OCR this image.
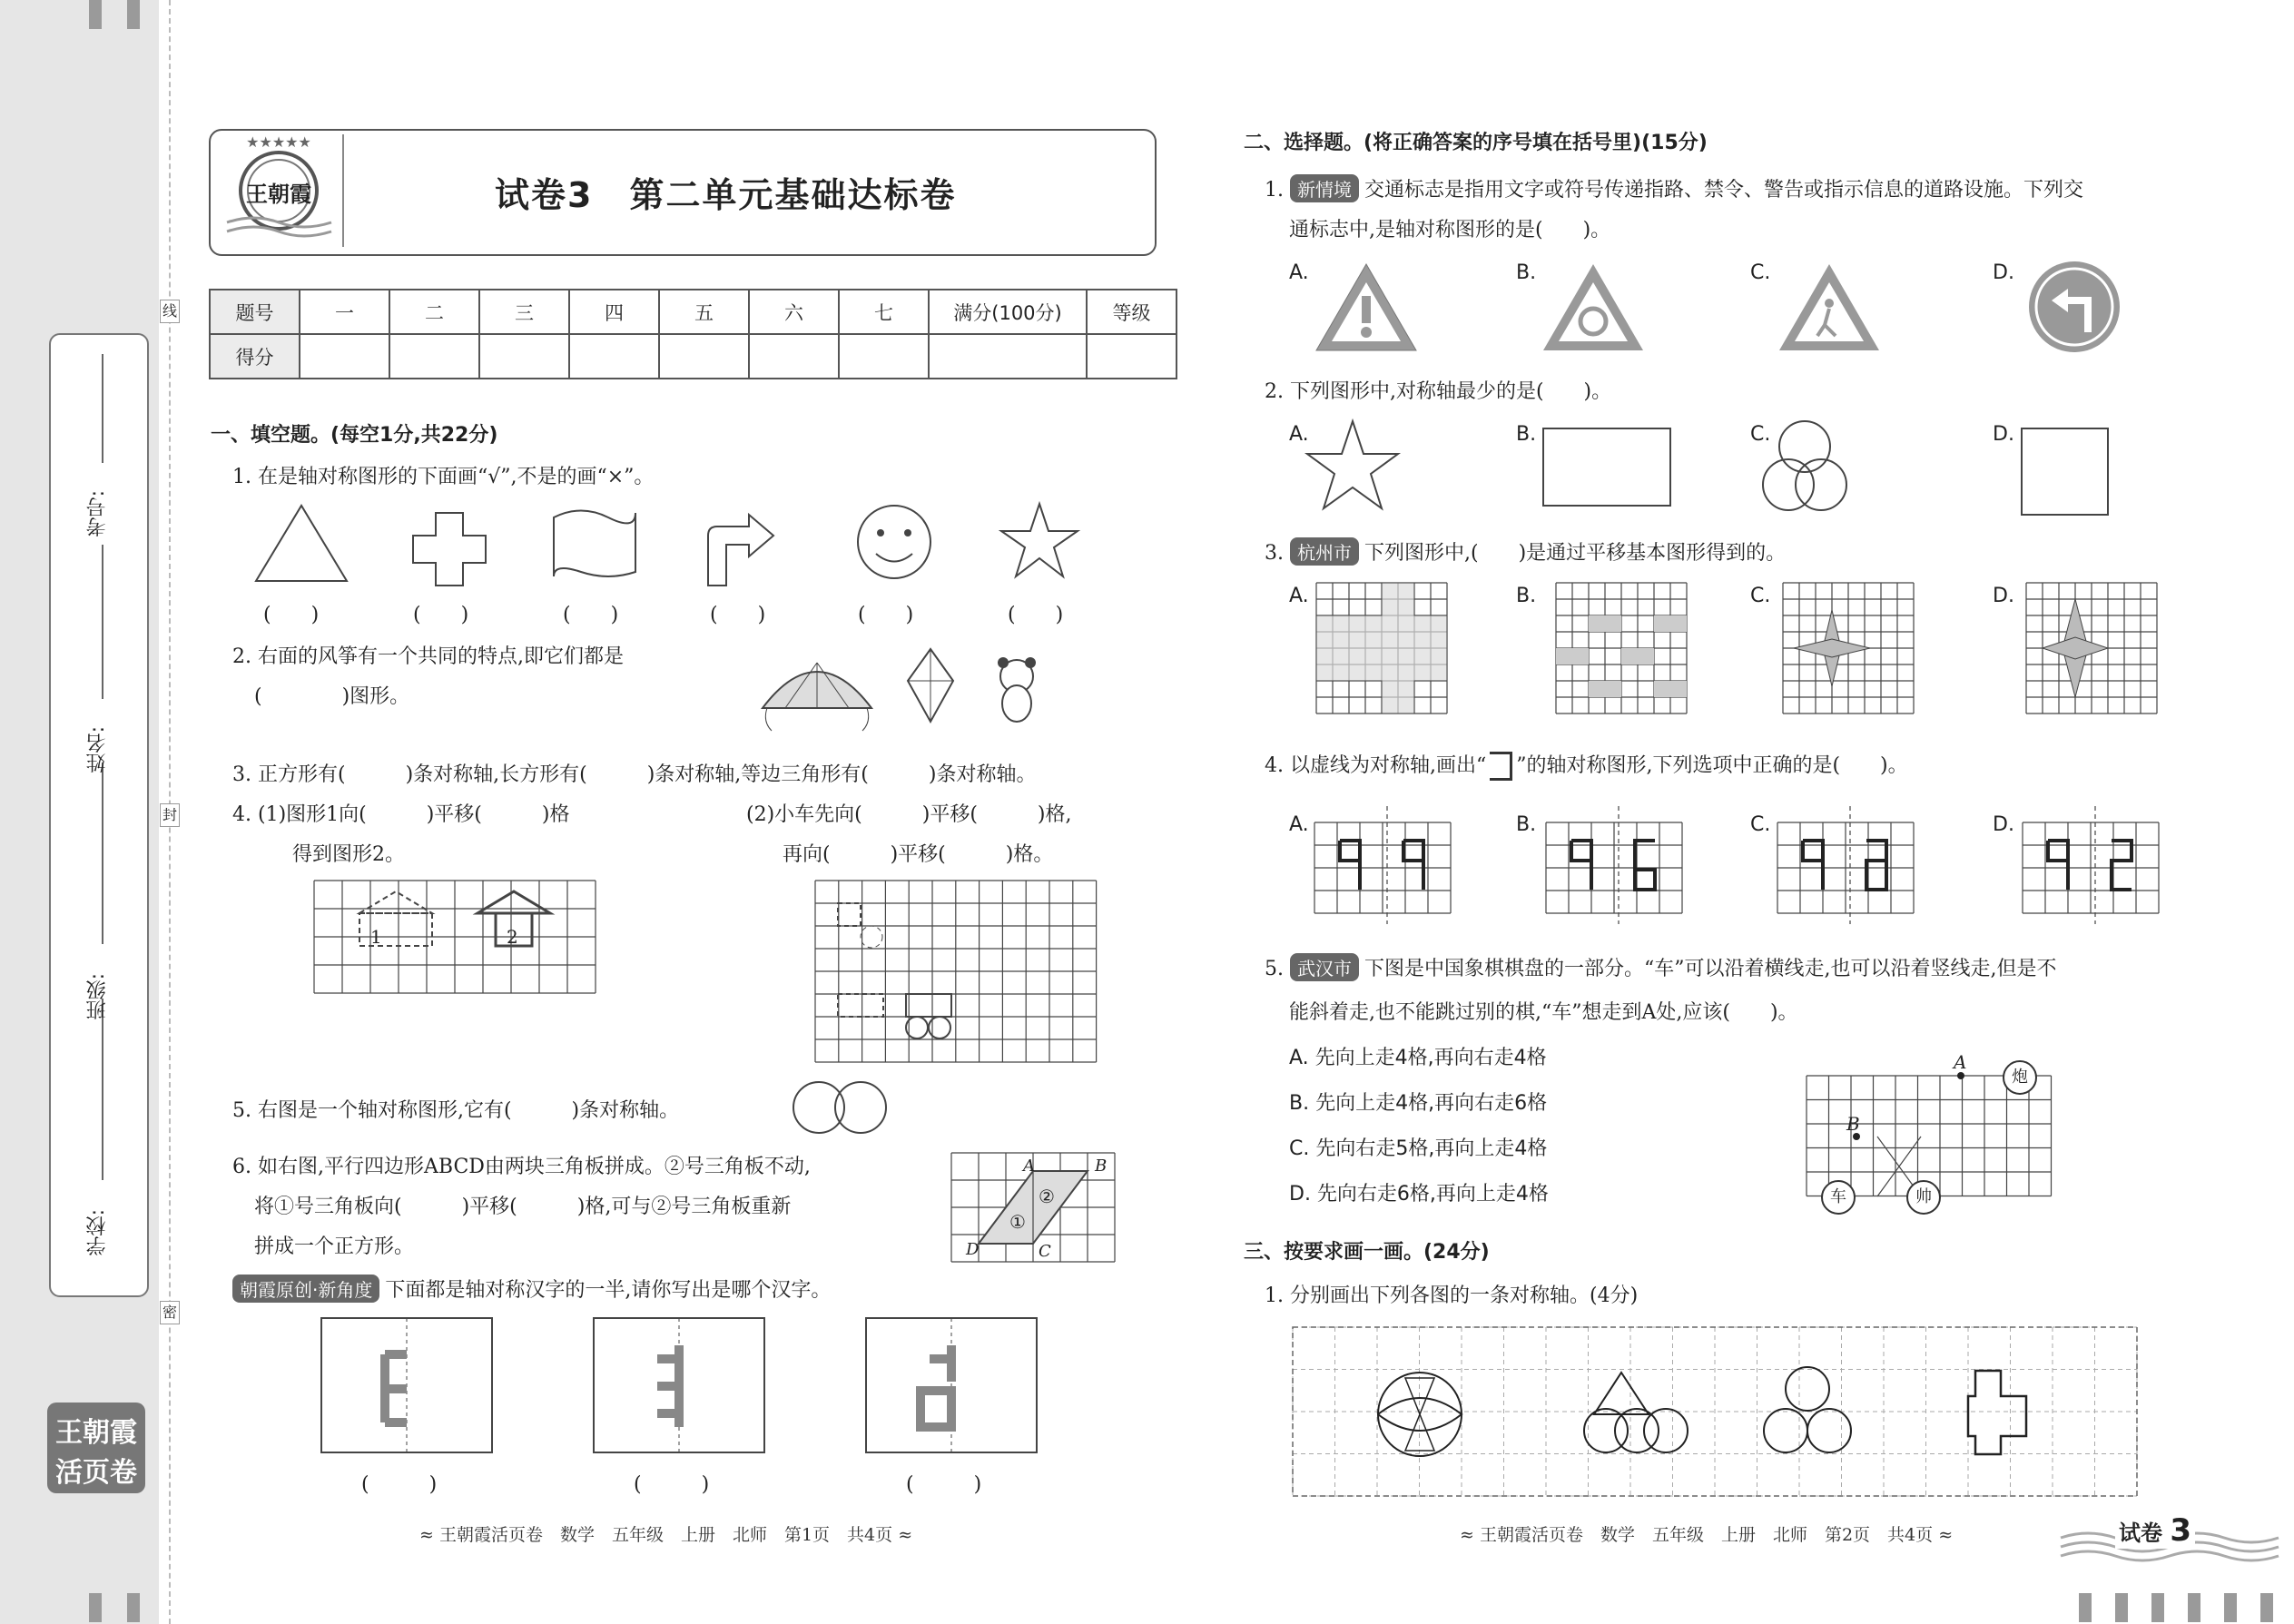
学校:
班级:
姓名:
考号:
线
封
密
王朝霞
活页卷
★★★★★
王朝霞	试卷3　第二单元基础达标卷
题号	一	二	三	四	五	六	七	满分(100分)	等级
得分									
一、填空题。(每空1分,共22分)
1. 在是轴对称图形的下面画“√”,不是的画“×”。
(　　)	(　　)	(　　)	(　　)	(　　)	(　　)
2. 右面的风筝有一个共同的特点,即它们都是
(　　　　)图形。
3. 正方形有(　　　)条对称轴,长方形有(　　　)条对称轴,等边三角形有(　　　)条对称轴。
4. (1)图形1向(　　　)平移(　　　)格
得到图形2。
(2)小车先向(　　　)平移(　　　)格,
再向(　　　)平移(　　　)格。
1	2
5. 右图是一个轴对称图形,它有(　　　)条对称轴。
6. 如右图,平行四边形ABCD由两块三角板拼成。②号三角板不动,
将①号三角板向(　　　)平移(　　　)格,可与②号三角板重新
拼成一个正方形。
A	B
C
D
①
②
朝霞原创·新角度 下面都是轴对称汉字的一半,请你写出是哪个汉字。
(　　　)	(　　　)	(　　　)
≈ 王朝霞活页卷　数学　五年级　上册　北师　第1页　共4页 ≈
二、选择题。(将正确答案的序号填在括号里)(15分)
1. 新情境 交通标志是指用文字或符号传递指路、禁令、警告或指示信息的道路设施。下列交
通标志中,是轴对称图形的是(　　)。
A.	B.	C.	D.
2. 下列图形中,对称轴最少的是(　　)。
A.	B.	C.	D.
3. 杭州市 下列图形中,(　　)是通过平移基本图形得到的。
A.	B.	C.	D.
4. 以虚线为对称轴,画出“ ”的轴对称图形,下列选项中正确的是(　　)。
A.	B.	C.	D.
5. 武汉市 下图是中国象棋棋盘的一部分。“车”可以沿着横线走,也可以沿着竖线走,但是不
能斜着走,也不能跳过别的棋,“车”想走到A处,应该(　　)。
A. 先向上走4格,再向右走4格
B. 先向上走4格,再向右走6格
C. 先向右走5格,再向上走4格
D. 先向右走6格,再向上走4格
A
B
炮
车	帅
三、按要求画一画。(24分)
1. 分别画出下列各图的一条对称轴。(4分)
≈ 王朝霞活页卷　数学　五年级　上册　北师　第2页　共4页 ≈	试卷 3
